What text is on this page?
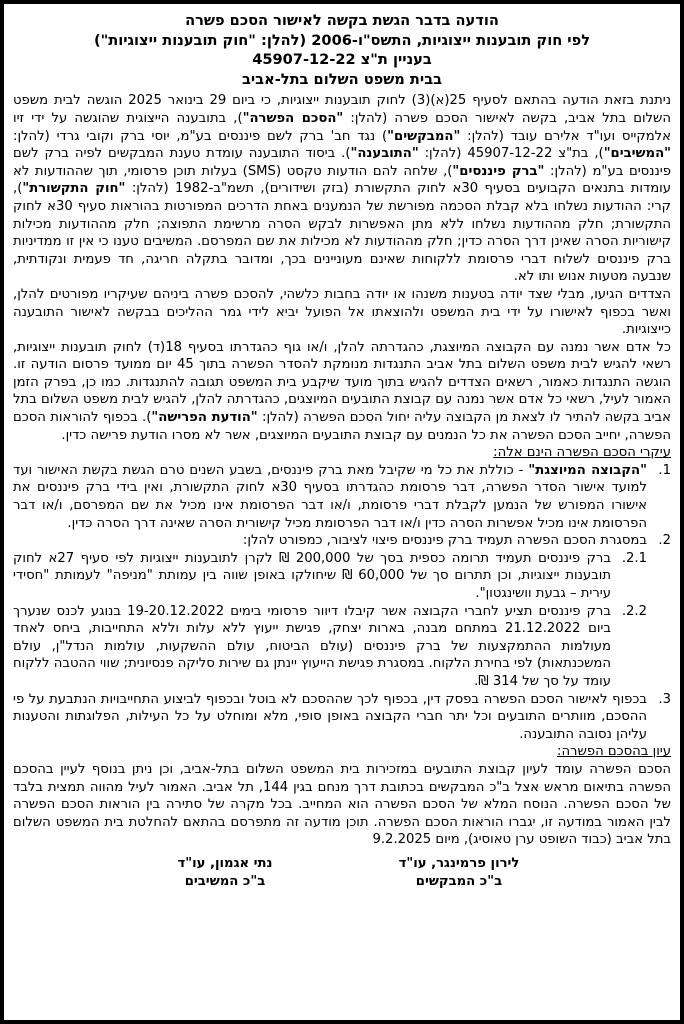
הודעה בדבר הגשת בקשה לאישור הסכם פשרה
לפי חוק תובענות ייצוגיות, התשס"ו-2006 (להלן: "חוק תובענות ייצוגיות")
בעניין ת"צ 45907-12-22
בבית משפט השלום בתל-אביב

ניתנת בזאת הודעה בהתאם לסעיף 25(א)(3) לחוק תובענות ייצוגיות, כי ביום 29 בינואר 2025 הוגשה לבית משפט השלום בתל אביב, בקשה לאישור הסכם פשרה (להלן: "הסכם הפשרה"), בתובענה הייצוגית שהוגשה על ידי זיו אלמקייס ועו"ד אלירם עובד (להלן: "המבקשים") נגד חב' ברק לשם פיננסים בע"מ, יוסי ברק וקובי גרדי (להלן: "המשיבים"), בת"צ 45907-12-22 (להלן: "התובענה"). ביסוד התובענה עומדת טענת המבקשים לפיה ברק לשם פיננסים בע"מ (להלן: "ברק פיננסים"), שלחה להם הודעות טקסט (SMS) בעלות תוכן פרסומי, תוך שההודעות לא עומדות בתנאים הקבועים בסעיף 30א לחוק התקשורת (בזק ושידורים), תשמ"ב-1982 (להלן: "חוק התקשורת"), קרי: ההודעות נשלחו בלא קבלת הסכמה מפורשת של הנמענים באחת הדרכים המפורטות בהוראות סעיף 30א לחוק התקשורת; חלק מההודעות נשלחו ללא מתן האפשרות לבקש הסרה מרשימת התפוצה; חלק מההודעות מכילות קישוריות הסרה שאינן דרך הסרה כדין; חלק מההודעות לא מכילות את שם המפרסם. המשיבים טענו כי אין זו ממדיניות ברק פיננסים לשלוח דברי פרסומת ללקוחות שאינם מעוניינים בכך, ומדובר בתקלה חריגה, חד פעמית ונקודתית, שנבעה מטעות אנוש ותו לא.

הצדדים הגיעו, מבלי שצד יודה בטענות משנהו או יודה בחבות כלשהי, להסכם פשרה ביניהם שעיקריו מפורטים להלן, ואשר בכפוף לאישורו על ידי בית המשפט ולהוצאתו אל הפועל יביא לידי גמר ההליכים בבקשה לאישור התובענה כייצוגיות.

כל אדם אשר נמנה עם הקבוצה המיוצגת, כהגדרתה להלן, ו/או גוף כהגדרתו בסעיף 18(ד) לחוק תובענות ייצוגיות, רשאי להגיש לבית משפט השלום בתל אביב התנגדות מנומקת להסדר הפשרה בתוך 45 יום ממועד פרסום הודעה זו. הוגשה התנגדות כאמור, רשאים הצדדים להגיש בתוך מועד שיקבע בית המשפט תגובה להתנגדות. כמו כן, בפרק הזמן האמור לעיל, רשאי כל אדם אשר נמנה עם קבוצת התובעים המיוצגים, כהגדרתה להלן, להגיש לבית משפט השלום בתל אביב בקשה להתיר לו לצאת מן הקבוצה עליה יחול הסכם הפשרה (להלן: "הודעת הפרישה"). בכפוף להוראות הסכם הפשרה, יחייב הסכם הפשרה את כל הנמנים עם קבוצת התובעים המיוצגים, אשר לא מסרו הודעת פרישה כדין.

עיקרי הסכם הפשרה הינם אלה:
1.
"הקבוצה המיוצגת" - כוללת את כל מי שקיבל מאת ברק פיננסים, בשבע השנים טרם הגשת בקשת האישור ועד למועד אישור הסדר הפשרה, דבר פרסומת כהגדרתו בסעיף 30א לחוק התקשורת, ואין בידי ברק פיננסים את אישורו המפורש של הנמען לקבלת דברי פרסומת, ו/או דבר הפרסומת אינו מכיל את שם המפרסם, ו/או דבר הפרסומת אינו מכיל אפשרות הסרה כדין ו/או דבר הפרסומת מכיל קישורית הסרה שאינה דרך הסרה כדין.
2.
במסגרת הסכם הפשרה תעמיד ברק פיננסים פיצוי לציבור, כמפורט להלן:
2.1.
ברק פיננסים תעמיד תרומה כספית בסך של 200,000 ₪ לקרן לתובענות ייצוגיות לפי סעיף 27א לחוק תובענות ייצוגיות, וכן תתרום סך של 60,000 ₪ שיחולקו באופן שווה בין עמותת "מניפה" לעמותת "חסידי עירית – גבעת וושינגטון".
2.2.
ברק פיננסים תציע לחברי הקבוצה אשר קיבלו דיוור פרסומי בימים 19-20.12.2022 בנוגע לכנס שנערך ביום 21.12.2022 במתחם מבנה, בארות יצחק, פגישת ייעוץ ללא עלות וללא התחייבות, ביחס לאחד מעולמות ההתמקצעות של ברק פיננסים (עולם הביטוח, עולם ההשקעות, עולמות הנדל"ן, עולם המשכנתאות) לפי בחירת הלקוח. במסגרת פגישת הייעוץ יינתן גם שירות סליקה פנסיונית; שווי ההטבה ללקוח עומד על סך של 314 ₪.
3.
בכפוף לאישור הסכם הפשרה בפסק דין, בכפוף לכך שההסכם לא בוטל ובכפוף לביצוע התחייבויות הנתבעת על פי ההסכם, מוותרים התובעים וכל יתר חברי הקבוצה באופן סופי, מלא ומוחלט על כל העילות, הפלוגתות והטענות עליהן נסובה התובענה.
עיון בהסכם הפשרה:

הסכם הפשרה עומד לעיון קבוצת התובעים במזכירות בית המשפט השלום בתל-אביב, וכן ניתן בנוסף לעיין בהסכם הפשרה בתיאום מראש אצל ב"כ המבקשים בכתובת דרך מנחם בגין 144, תל אביב. האמור לעיל מהווה תמצית בלבד של הסכם הפשרה. הנוסח המלא של הסכם הפשרה הוא המחייב. בכל מקרה של סתירה בין הוראות הסכם הפשרה לבין האמור במודעה זו, יגברו הוראות הסכם הפשרה. תוכן מודעה זה מתפרסם בהתאם להחלטת בית המשפט השלום בתל אביב (כבוד השופט ערן טאוסיג), מיום 9.2.2025

לירון פרמינגר, עו"ד
ב"כ המבקשים
נתי אגמון, עו"ד
ב"כ המשיבים
